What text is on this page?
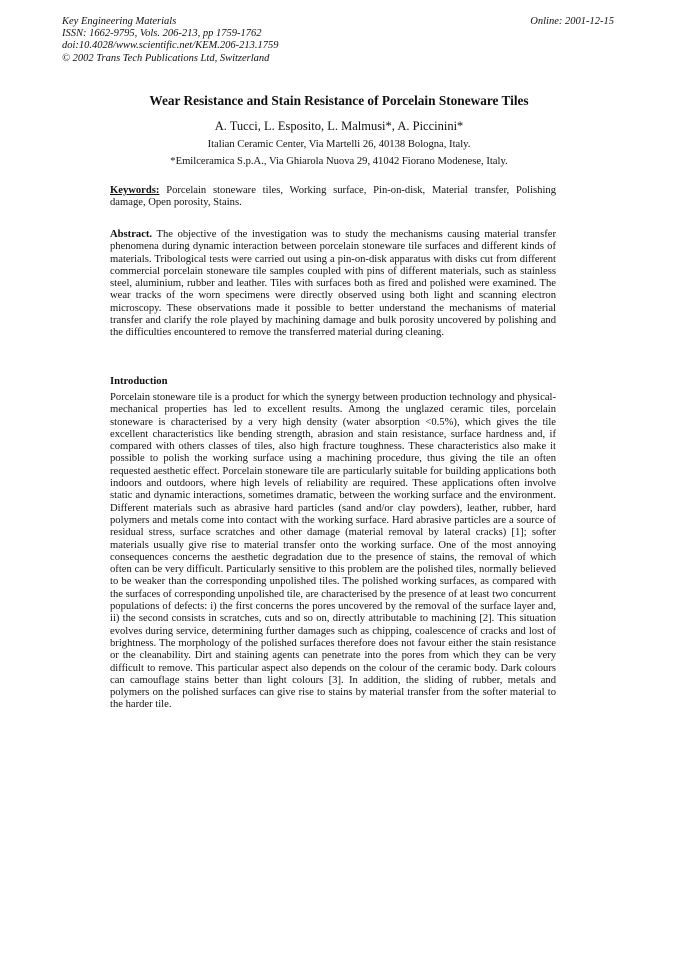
Key Engineering Materials
ISSN: 1662-9795, Vols. 206-213, pp 1759-1762
doi:10.4028/www.scientific.net/KEM.206-213.1759
© 2002 Trans Tech Publications Ltd, Switzerland
Online: 2001-12-15
Wear Resistance and Stain Resistance of Porcelain Stoneware Tiles
A. Tucci, L. Esposito, L. Malmusi*, A. Piccinini*
Italian Ceramic Center, Via Martelli 26, 40138 Bologna, Italy.
*Emilceramica S.p.A., Via Ghiarola Nuova 29, 41042 Fiorano Modenese, Italy.
Keywords: Porcelain stoneware tiles, Working surface, Pin-on-disk, Material transfer, Polishing damage, Open porosity, Stains.
Abstract. The objective of the investigation was to study the mechanisms causing material transfer phenomena during dynamic interaction between porcelain stoneware tile surfaces and different kinds of materials. Tribological tests were carried out using a pin-on-disk apparatus with disks cut from different commercial porcelain stoneware tile samples coupled with pins of different materials, such as stainless steel, aluminium, rubber and leather. Tiles with surfaces both as fired and polished were examined. The wear tracks of the worn specimens were directly observed using both light and scanning electron microscopy. These observations made it possible to better understand the mechanisms of material transfer and clarify the role played by machining damage and bulk porosity uncovered by polishing and the difficulties encountered to remove the transferred material during cleaning.
Introduction
Porcelain stoneware tile is a product for which the synergy between production technology and physical-mechanical properties has led to excellent results. Among the unglazed ceramic tiles, porcelain stoneware is characterised by a very high density (water absorption <0.5%), which gives the tile excellent characteristics like bending strength, abrasion and stain resistance, surface hardness and, if compared with others classes of tiles, also high fracture toughness. These characteristics also make it possible to polish the working surface using a machining procedure, thus giving the tile an often requested aesthetic effect. Porcelain stoneware tile are particularly suitable for building applications both indoors and outdoors, where high levels of reliability are required. These applications often involve static and dynamic interactions, sometimes dramatic, between the working surface and the environment. Different materials such as abrasive hard particles (sand and/or clay powders), leather, rubber, hard polymers and metals come into contact with the working surface. Hard abrasive particles are a source of residual stress, surface scratches and other damage (material removal by lateral cracks) [1]; softer materials usually give rise to material transfer onto the working surface. One of the most annoying consequences concerns the aesthetic degradation due to the presence of stains, the removal of which often can be very difficult. Particularly sensitive to this problem are the polished tiles, normally believed to be weaker than the corresponding unpolished tiles. The polished working surfaces, as compared with the surfaces of corresponding unpolished tile, are characterised by the presence of at least two concurrent populations of defects: i) the first concerns the pores uncovered by the removal of the surface layer and, ii) the second consists in scratches, cuts and so on, directly attributable to machining [2]. This situation evolves during service, determining further damages such as chipping, coalescence of cracks and lost of brightness. The morphology of the polished surfaces therefore does not favour either the stain resistance or the cleanability. Dirt and staining agents can penetrate into the pores from which they can be very difficult to remove. This particular aspect also depends on the colour of the ceramic body. Dark colours can camouflage stains better than light colours [3]. In addition, the sliding of rubber, metals and polymers on the polished surfaces can give rise to stains by material transfer from the softer material to the harder tile.
